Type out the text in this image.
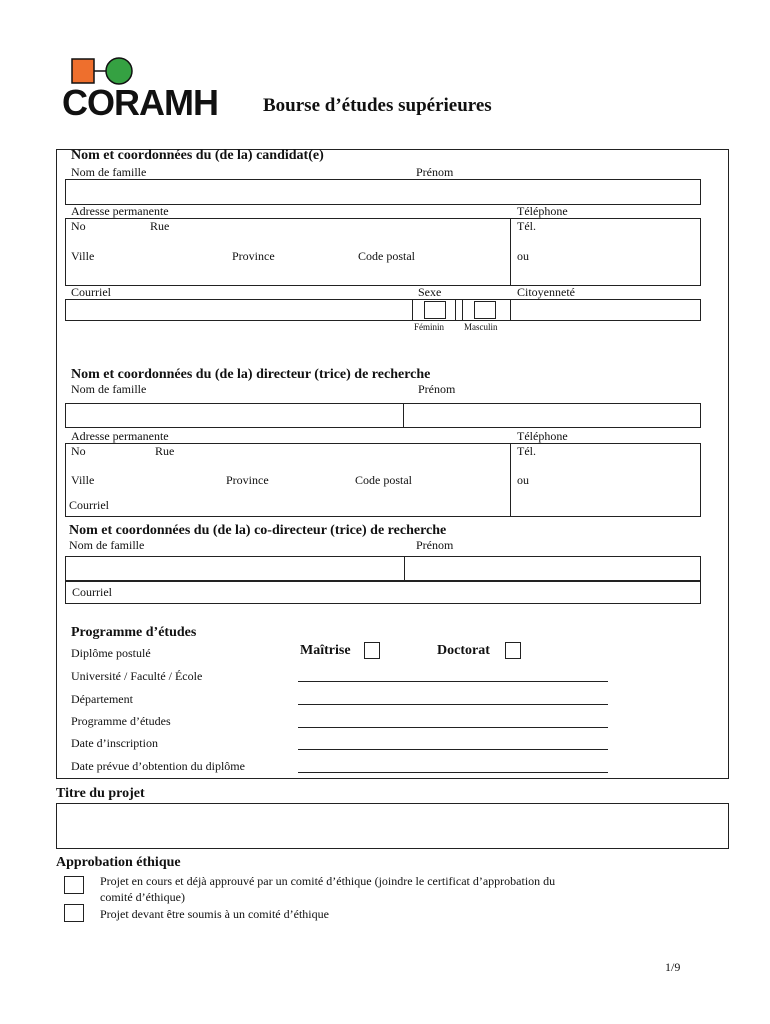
CORAMH Bourse d’études supérieures
Nom et coordonnées du (de la) candidat(e)
Nom de famille	Prénom
Adresse permanente	Téléphone
No	Rue	Tél.
Ville	Province	Code postal	ou
Courriel	Sexe	Citoyenneté
Féminin Masculin
Nom et coordonnées du (de la) directeur (trice) de recherche
Nom de famille	Prénom
Adresse permanente	Téléphone
No	Rue	Tél.
Ville	Province	Code postal	ou
Courriel
Nom et coordonnées du (de la) co-directeur (trice) de recherche
Nom de famille	Prénom
Courriel
Programme d’études
Diplôme postulé	Maîtrise	Doctorat
Université / Faculté / École
Département
Programme d’études
Date d’inscription
Date prévue d’obtention du diplôme
Titre du projet
Approbation éthique
Projet en cours et déjà approuvé par un comité d’éthique (joindre le certificat d’approbation du
comité d’éthique)
Projet devant être soumis à un comité d’éthique
1/9
